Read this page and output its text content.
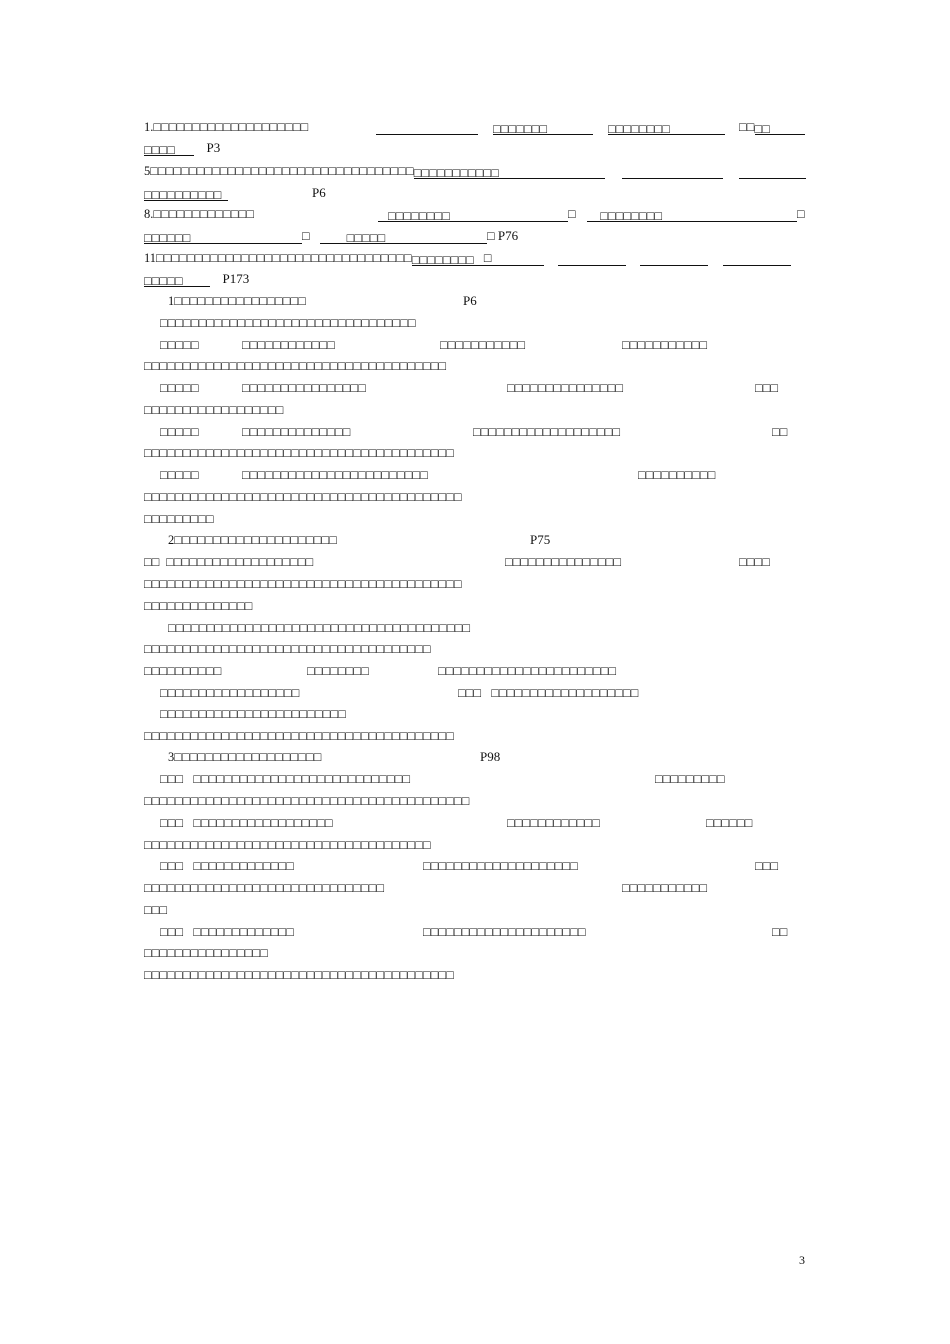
1.□□□□□□□□□□□□□□□□□□□□	□□□□□□□	□□□□□□□□	□□□□
□□□□ P3
5□□□□□□□□□□□□□□□□□□□□□□□□□□□□□□□□□□□□□□□□□□□□□
□□□□□□□□□□	P6
8.□□□□□□□□□□□□□	□□□□□□□□	□ □□□□□□□□	□
□□□□□□	□ □□□□□	□ P76
11□□□□□□□□□□□□□□□□□□□□□□□□□□□□□□□□□□□□□□□□□ □
□□□□□	P173
1□□□□□□□□□□□□□□□□□	P6
□□□□□□□□□□□□□□□□□□□□□□□□□□□□□□□□□
□□□□□	□□□□□□□□□□□□	□□□□□□□□□□□	□□□□□□□□□□□
□□□□□□□□□□□□□□□□□□□□□□□□□□□□□□□□□□□□□□□
□□□□□	□□□□□□□□□□□□□□□□	□□□□□□□□□□□□□□□	□□□
□□□□□□□□□□□□□□□□□□
□□□□□	□□□□□□□□□□□□□□	□□□□□□□□□□□□□□□□□□□	□□
□□□□□□□□□□□□□□□□□□□□□□□□□□□□□□□□□□□□□□□□
□□□□□	□□□□□□□□□□□□□□□□□□□□□□□□	□□□□□□□□□□
□□□□□□□□□□□□□□□□□□□□□□□□□□□□□□□□□□□□□□□□□
□□□□□□□□□
2□□□□□□□□□□□□□□□□□□□□□	P75
□□  □□□□□□□□□□□□□□□□□□□	□□□□□□□□□□□□□□□	□□□□
□□□□□□□□□□□□□□□□□□□□□□□□□□□□□□□□□□□□□□□□□
□□□□□□□□□□□□□□
□□□□□□□□□□□□□□□□□□□□□□□□□□□□□□□□□□□□□□□
□□□□□□□□□□□□□□□□□□□□□□□□□□□□□□□□□□□□□
□□□□□□□□□□	□□□□□□□□	□□□□□□□□□□□□□□□□□□□□□□□
□□□□□□□□□□□□□□□□□□	□□□   □□□□□□□□□□□□□□□□□□□
□□□□□□□□□□□□□□□□□□□□□□□□
□□□□□□□□□□□□□□□□□□□□□□□□□□□□□□□□□□□□□□□□
3□□□□□□□□□□□□□□□□□□□	P98
□□□   □□□□□□□□□□□□□□□□□□□□□□□□□□□□	□□□□□□□□□
□□□□□□□□□□□□□□□□□□□□□□□□□□□□□□□□□□□□□□□□□□
□□□   □□□□□□□□□□□□□□□□□□	□□□□□□□□□□□□	□□□□□□
□□□□□□□□□□□□□□□□□□□□□□□□□□□□□□□□□□□□□
□□□   □□□□□□□□□□□□□	□□□□□□□□□□□□□□□□□□□□	□□□
□□□□□□□□□□□□□□□□□□□□□□□□□□□□□□□	□□□□□□□□□□□
□□□
□□□   □□□□□□□□□□□□□	□□□□□□□□□□□□□□□□□□□□□	□□
□□□□□□□□□□□□□□□□
□□□□□□□□□□□□□□□□□□□□□□□□□□□□□□□□□□□□□□□□
3
